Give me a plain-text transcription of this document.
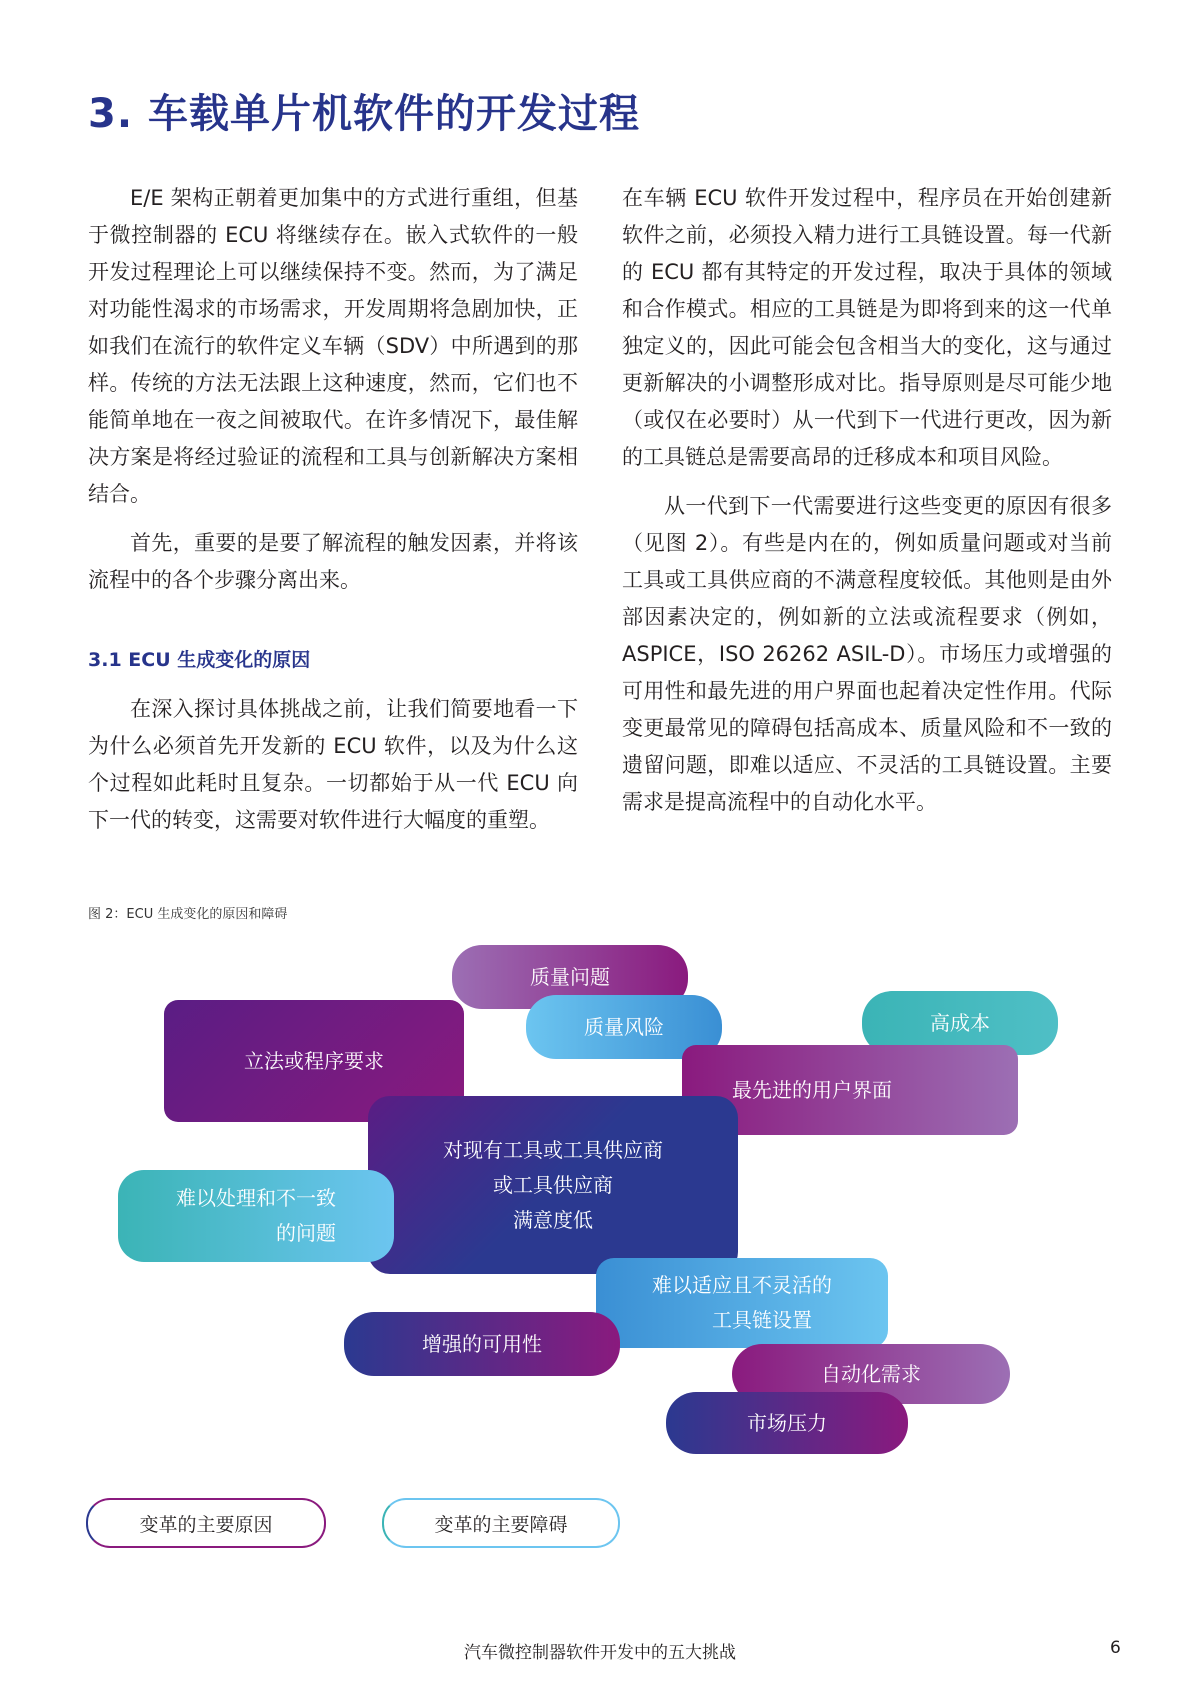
3. 车载单片机软件的开发过程

E/E 架构正朝着更加集中的方式进行重组，但基于微控制器的 ECU 将继续存在。嵌入式软件的一般开发过程理论上可以继续保持不变。然而，为了满足对功能性渴求的市场需求，开发周期将急剧加快，正如我们在流行的软件定义车辆（SDV）中所遇到的那样。传统的方法无法跟上这种速度，然而，它们也不能简单地在一夜之间被取代。在许多情况下，最佳解决方案是将经过验证的流程和工具与创新解决方案相结合。

首先，重要的是要了解流程的触发因素，并将该流程中的各个步骤分离出来。

3.1 ECU 生成变化的原因

在深入探讨具体挑战之前，让我们简要地看一下为什么必须首先开发新的 ECU 软件，以及为什么这个过程如此耗时且复杂。一切都始于从一代 ECU 向下一代的转变，这需要对软件进行大幅度的重塑。

在车辆 ECU 软件开发过程中，程序员在开始创建新软件之前，必须投入精力进行工具链设置。每一代新的 ECU 都有其特定的开发过程，取决于具体的领域和合作模式。相应的工具链是为即将到来的这一代单独定义的，因此可能会包含相当大的变化，这与通过更新解决的小调整形成对比。指导原则是尽可能少地（或仅在必要时）从一代到下一代进行更改，因为新的工具链总是需要高昂的迁移成本和项目风险。

从一代到下一代需要进行这些变更的原因有很多（见图 2）。有些是内在的，例如质量问题或对当前工具或工具供应商的不满意程度较低。其他则是由外部因素决定的，例如新的立法或流程要求（例如，ASPICE，ISO 26262 ASIL-D）。市场压力或增强的可用性和最先进的用户界面也起着决定性作用。代际变更最常见的障碍包括高成本、质量风险和不一致的遗留问题，即难以适应、不灵活的工具链设置。主要需求是提高流程中的自动化水平。

图 2：ECU 生成变化的原因和障碍
质量问题
立法或程序要求
高成本
质量风险
最先进的用户界面
对现有工具或工具供应商
或工具供应商
满意度低
难以处理和不一致
的问题
难以适应且不灵活的
工具链设置
增强的可用性
自动化需求
市场压力
变革的主要原因	变革的主要障碍
汽车微控制器软件开发中的五大挑战	6
